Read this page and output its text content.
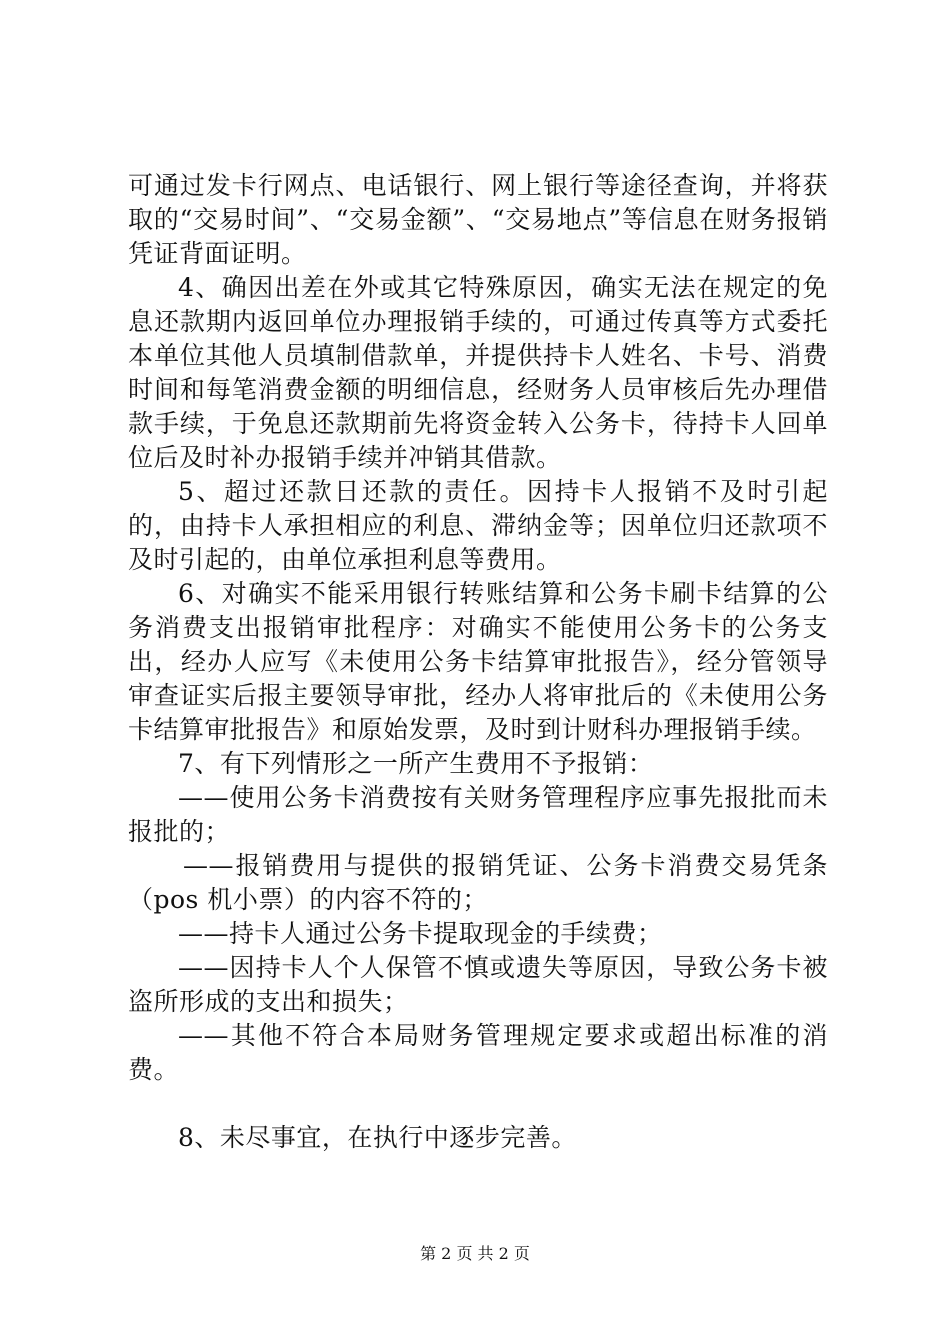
可通过发卡行网点、电话银行、网上银行等途径查询，并将获取的“交易时间”、“交易金额”、“交易地点”等信息在财务报销凭证背面证明。

4、确因出差在外或其它特殊原因，确实无法在规定的免息还款期内返回单位办理报销手续的，可通过传真等方式委托本单位其他人员填制借款单，并提供持卡人姓名、卡号、消费时间和每笔消费金额的明细信息，经财务人员审核后先办理借款手续，于免息还款期前先将资金转入公务卡，待持卡人回单位后及时补办报销手续并冲销其借款。

5、超过还款日还款的责任。因持卡人报销不及时引起的，由持卡人承担相应的利息、滞纳金等；因单位归还款项不及时引起的，由单位承担利息等费用。

6、对确实不能采用银行转账结算和公务卡刷卡结算的公务消费支出报销审批程序：对确实不能使用公务卡的公务支出，经办人应写《未使用公务卡结算审批报告》，经分管领导审查证实后报主要领导审批，经办人将审批后的《未使用公务卡结算审批报告》和原始发票，及时到计财科办理报销手续。

7、有下列情形之一所产生费用不予报销：

——使用公务卡消费按有关财务管理程序应事先报批而未报批的；

——报销费用与提供的报销凭证、公务卡消费交易凭条（pos 机小票）的内容不符的；

——持卡人通过公务卡提取现金的手续费；

——因持卡人个人保管不慎或遗失等原因，导致公务卡被盗所形成的支出和损失；

——其他不符合本局财务管理规定要求或超出标准的消费。

8、未尽事宜，在执行中逐步完善。

第 2 页 共 2 页
